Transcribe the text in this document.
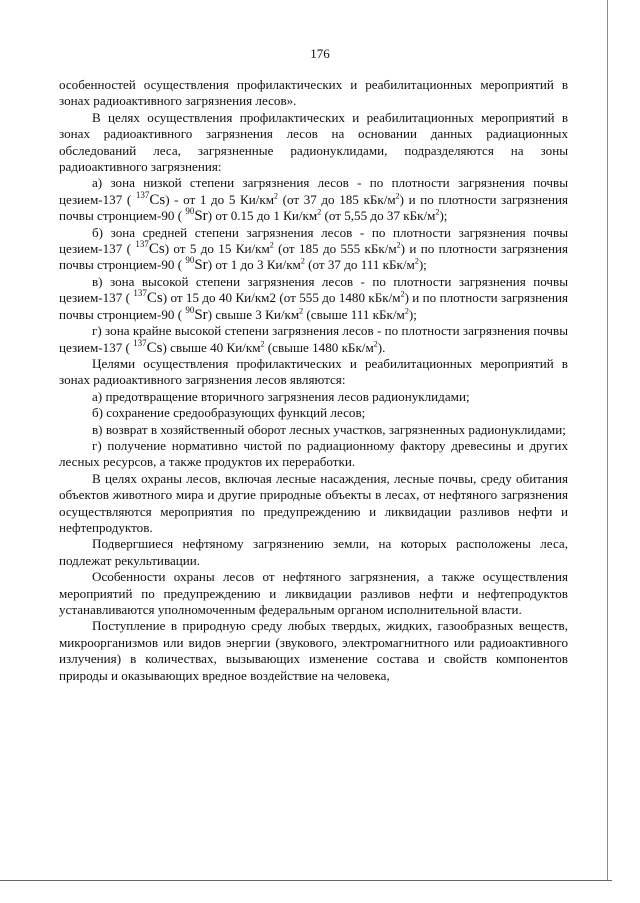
176

особенностей осуществления профилактических и реабилитационных мероприятий в зонах радиоактивного загрязнения лесов».

В целях осуществления профилактических и реабилитационных мероприятий в зонах радиоактивного загрязнения лесов на основании данных радиационных обследований леса, загрязненные радионуклидами, подразделяются на зоны радиоактивного загрязнения:

а) зона низкой степени загрязнения лесов - по плотности загрязнения почвы цезием-137 ( $^{137}$Cs) - от 1 до 5 $Ки/км^2$ (от 37 до 185 кБк/$м^2$) и по плотности загрязнения почвы стронцием-90 ( $^{90}$Sr) от 0.15 до 1 $Ки/км^2$ (от 5,55 до 37 кБк/$м^2$);

б) зона средней степени загрязнения лесов - по плотности загрязнения почвы цезием-137 ( $^{137}$Cs) от 5 до 15 $Ки/км^2$ (от 185 до 555 кБк/$м^2$) и по плотности загрязнения почвы стронцием-90 ( $^{90}$Sr) от 1 до 3 $Ки/км^2$ (от 37 до 111 кБк/$м^2$);

в) зона высокой степени загрязнения лесов - по плотности загрязнения почвы цезием-137 ( $^{137}$Cs) от 15 до 40 Ки/км2 (от 555 до 1480 кБк/$м^2$) и по плотности загрязнения почвы стронцием-90 ( $^{90}$Sr) свыше 3 $Ки/км^2$ (свыше 111 кБк/$м^2$);

г) зона крайне высокой степени загрязнения лесов - по плотности загрязнения почвы цезием-137 ( $^{137}$Cs) свыше 40 $Ки/км^2$ (свыше 1480 кБк/$м^2$).

Целями осуществления профилактических и реабилитационных мероприятий в зонах радиоактивного загрязнения лесов являются:

а) предотвращение вторичного загрязнения лесов радионуклидами;

б) сохранение средообразующих функций лесов;

в) возврат в хозяйственный оборот лесных участков, загрязненных радионуклидами;

г) получение нормативно чистой по радиационному фактору древесины и других лесных ресурсов, а также продуктов их переработки.

В целях охраны лесов, включая лесные насаждения, лесные почвы, среду обитания объектов животного мира и другие природные объекты в лесах, от нефтяного загрязнения осуществляются мероприятия по предупреждению и ликвидации разливов нефти и нефтепродуктов.

Подвергшиеся нефтяному загрязнению земли, на которых расположены леса, подлежат рекультивации.

Особенности охраны лесов от нефтяного загрязнения, а также осуществления мероприятий по предупреждению и ликвидации разливов нефти и нефтепродуктов устанавливаются уполномоченным федеральным органом исполнительной власти.

Поступление в природную среду любых твердых, жидких, газообразных веществ, микроорганизмов или видов энергии (звукового, электромагнитного или радиоактивного излучения) в количествах, вызывающих изменение состава и свойств компонентов природы и оказывающих вредное воздействие на человека,
